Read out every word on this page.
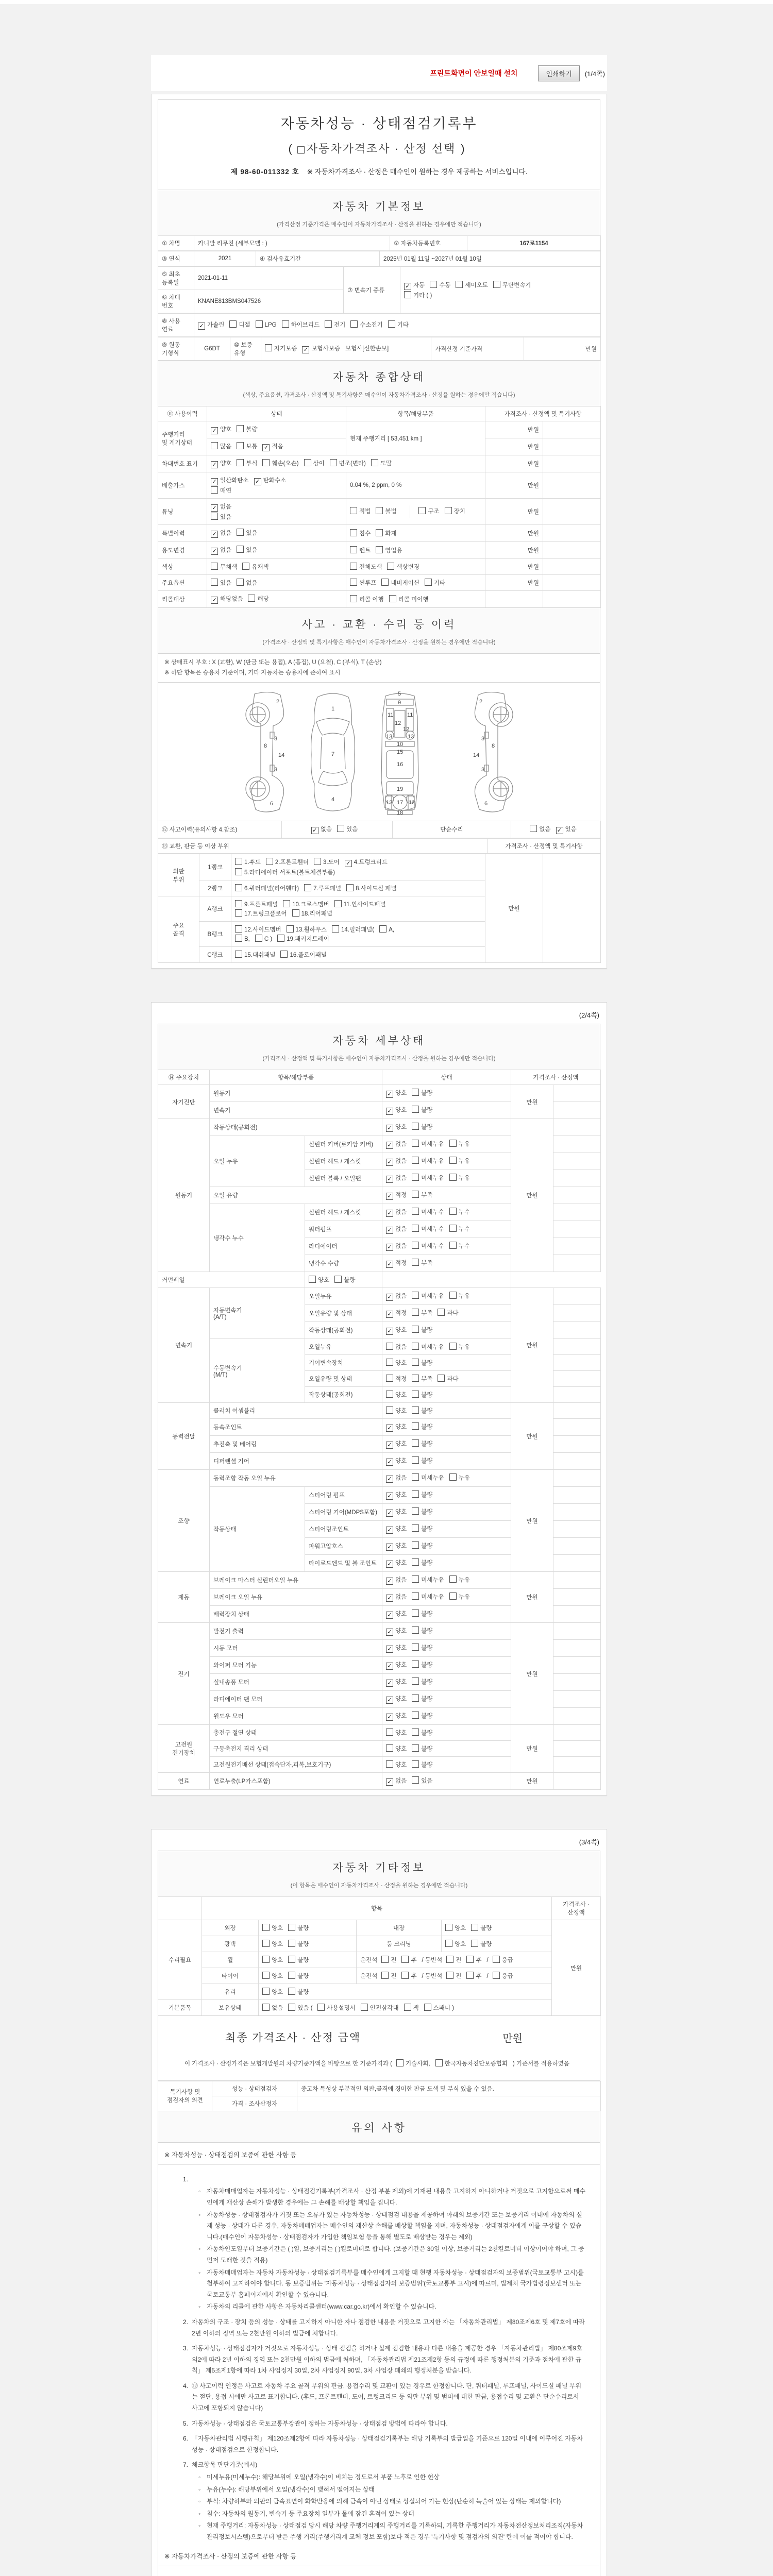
프린트화면이 안보일때 설치	인쇄하기	(1/4쪽)
자동차성능 · 상태점검기록부
( 자동차가격조사 · 산정 선택 )
제 98-60-011332 호 ※ 자동차가격조사 · 산정은 매수인이 원하는 경우 제공하는 서비스입니다.
자동차 기본정보
(가격산정 기준가격은 매수인이 자동차가격조사 · 산정을 원하는 경우에만 적습니다)
① 차명	카니발 리무진 (세부모델 : )	② 자동차등록번호	167로1154
③ 연식	2021	④ 검사유효기간	2025년 01월 11일 ~2027년 01월 10일
⑤ 최초
등록일	2021-01-11	⑦ 변속기 종류	✓ 자동 수동 세미오토 무단변속기
기타 ( )
⑥ 차대
번호	KNANE813BMS047526		
⑧ 사용
연료	✓ 가솔린 디젤 LPG 하이브리드 전기 수소전기 기타
⑨ 원동
기형식	G6DT	⑩ 보증
유형	자기보증 ✓ 보험사보증 보험사[신한손보]	가격산정 기준가격	만원
자동차 종합상태
(색상, 주요옵션, 가격조사 · 산정액 및 특기사항은 매수인이 자동차가격조사 · 산정을 원하는 경우에만 적습니다)
⑪ 사용이력	상태	항목/해당부품	가격조사 · 산정액 및 특기사항	
주행거리
및 계기상태	✓ 양호 불량	현재 주행거리 [ 53,451 km ]	만원	
	많음 보통 ✓ 적음		만원	
차대번호 표기	✓ 양호 부식 훼손(오손) 상이 변조(변타) 도말		만원	
배출가스	✓ 일산화탄소 ✓ 탄화수소
매연	0.04 %, 2 ppm, 0 %	만원	
튜닝	✓ 없음
있음	적법 불법 구조 장치	만원	
특별이력	✓ 없음 있음	침수 화재	만원	
용도변경	✓ 없음 있음	렌트 영업용	만원	
색상	무채색 유채색	전체도색 색상변경	만원	
주요옵션	있음 없음	썬루프 네비게이션 기타	만원	
리콜대상	✓ 해당없음 해당	리콜 이행 리콜 미이행		
사고 · 교환 · 수리 등 이력
(가격조사 · 산정액 및 특기사항은 매수인이 자동차가격조사 · 산정을 원하는 경우에만 적습니다)
※ 상태표시 부호 : X (교환), W (판금 또는 용접), A (흠집), U (요철), C (부식), T (손상)
※ 하단 항목은 승용차 기준이며, 기타 자동차는 승용차에 준하여 표시
2
3
8
14
3
6
1
7
4
5
9
11 11
12
12
13	13
10
15
16
19
12	12
17
18
2
3
8
14
3
6
⑫ 사고이력(유의사항 4.참조)	✓ 없음 있음	단순수리	없음 ✓ 있음
⑬ 교환, 판금 등 이상 부위	가격조사 · 산정액 및 특기사항
외판
부위	1랭크	1.후드 2.프론트휀더 3.도어 ✓ 4.트렁크리드
5.라디에이터 서포트(볼트체결부품)	만원	
	2랭크	6.쿼터패널(리어휀다) 7.루프패널 8.사이드실 패널		
주요
골격	A랭크	9.프론트패널 10.크로스멤버 11.인사이드패널
17.트렁크플로어 18.리어패널		
	B랭크	12.사이드멤버 13.휠하우스 14.필러패널( A,
B, C ) 19.패키지트레이		
	C랭크	15.대쉬패널 16.플로어패널		
(2/4쪽)
자동차 세부상태
(가격조사 · 산정액 및 특기사항은 매수인이 자동차가격조사 · 산정을 원하는 경우에만 적습니다)
⑭ 주요장치	항목/해당부품		상태	가격조사 · 산정액	
자기진단	원동기		✓ 양호 불량	만원	
	변속기		✓ 양호 불량		
원동기	작동상태(공회전)		✓ 양호 불량	만원	
	오일 누유	실린더 커버(로커암 커버)	✓ 없음 미세누유 누유		
		실린더 헤드 / 개스킷	✓ 없음 미세누유 누유		
		실린더 블록 / 오일팬	✓ 없음 미세누유 누유		
	오일 유량		✓ 적정 부족		
	냉각수 누수	실린더 헤드 / 개스킷	✓ 없음 미세누수 누수		
		워터펌프	✓ 없음 미세누수 누수		
		라디에이터	✓ 없음 미세누수 누수		
		냉각수 수량	✓ 적정 부족		
커먼레일		양호 불량			
변속기	자동변속기
(A/T)	오일누유	✓ 없음 미세누유 누유	만원	
		오일유량 및 상태	✓ 적정 부족 과다		
		작동상태(공회전)	✓ 양호 불량		
	수동변속기
(M/T)	오일누유	없음 미세누유 누유		
		기어변속장치	양호 불량		
		오일유량 및 상태	적정 부족 과다		
		작동상태(공회전)	양호 불량		
동력전달	클러치 어셈블리		양호 불량	만원	
	등속조인트		✓ 양호 불량		
	추진축 및 베어링		✓ 양호 불량		
	디퍼렌셜 기어		✓ 양호 불량		
조향	동력조향 작동 오일 누유		✓ 없음 미세누유 누유	만원	
	작동상태	스티어링 펌프	✓ 양호 불량		
		스티어링 기어(MDPS포함)	✓ 양호 불량		
		스티어링조인트	✓ 양호 불량		
		파워고압호스	✓ 양호 불량		
		타이로드엔드 및 볼 조인트	✓ 양호 불량		
제동	브레이크 마스터 실린더오일 누유		✓ 없음 미세누유 누유	만원	
	브레이크 오일 누유		✓ 없음 미세누유 누유		
	배력장치 상태		✓ 양호 불량		
전기	발전기 출력		✓ 양호 불량	만원	
	시동 모터		✓ 양호 불량		
	와이퍼 모터 기능		✓ 양호 불량		
	실내송풍 모터		✓ 양호 불량		
	라디에이터 팬 모터		✓ 양호 불량		
	윈도우 모터		✓ 양호 불량		
고전원
전기장치	충전구 절연 상태		양호 불량	만원	
	구동축전지 격리 상태		양호 불량		
	고전원전기배선 상태(접속단자,피복,보호기구)		양호 불량		
연료	연료누출(LP가스포함)		✓ 없음 있음	만원	
(3/4쪽)
자동차 기타정보
(이 항목은 매수인이 자동차가격조사 · 산정을 원하는 경우에만 적습니다)
	항목				가격조사 · 산정액
수리필요	외장	양호 불량	내장	양호 불량	만원
	광택	양호 불량	룸 크리닝	양호 불량	
	휠	양호 불량	운전석 전 후 / 동반석 전 후 / 응급		
	타이어	양호 불량	운전석 전 후 / 동반석 전 후 / 응급		
	유리	양호 불량			
기본품목	보유상태	없음 있음 ( 사용설명서 안전삼각대 잭 스패너 )			
최종 가격조사 · 산정 금액	만원
이 가격조사 · 산정가격은 보험개발원의 차량기준가액을 바탕으로 한 기준가격과 ( 기술사회, 한국자동차진단보증협회 ) 기준서를 적용하였음
특기사항 및
점검자의 의견	성능 · 상태점검자	중고차 특성상 부분적인 외판,골격에 경미한 판금 도색 및 부식 있을 수 있음.
	가격 · 조사산정자	
유의 사항
※ 자동차성능 · 상태점검의 보증에 관한 사항 등
1.
◦ 자동차매매업자는 자동차성능 · 상태점검기록부(가격조사 · 산정 부분 제외)에 기재된 내용을 고지하지 아니하거나 거짓으로 고지함으로써 매수인에게 재산상 손해가 발생한 경우에는 그 손해를 배상할 책임을 집니다.
◦ 자동차성능 · 상태점검자가 거짓 또는 오류가 있는 자동차성능 · 상태점검 내용을 제공하여 아래의 보증기간 또는 보증거리 이내에 자동차의 실제 성능 · 상태가 다른 경우, 자동차매매업자는 매수인의 재산상 손해를 배상할 책임을 지며, 자동차성능 · 상태점검자에게 이를 구상할 수 있습니다.(매수인이 자동차성능 · 상태점검자가 가입한 책임보험 등을 통해 별도로 배상받는 경우는 제외)
◦ 자동차인도일부터 보증기간은 ( )일, 보증거리는 ( )킬로미터로 합니다. (보증기간은 30일 이상, 보증거리는 2천킬로미터 이상이어야 하며, 그 중 먼저 도래한 것을 적용)
◦ 자동차매매업자는 자동차 자동차성능 · 상태점검기록부를 매수인에게 고지할 때 현행 자동차성능 · 상태점검자의 보증범위(국토교통부 고시)를 첨부하여 고지하여야 합니다. 동 보증범위는 '자동차성능 · 상태점검자의 보증범위'(국토교통부 고시)에 따르며, 법제처 국가법령정보센터 또는 국토교통부 홈페이지에서 확인할 수 있습니다.
◦ 자동차의 리콜에 관한 사항은 자동차리콜센터(www.car.go.kr)에서 확인할 수 있습니다.
2. 자동차의 구조 · 장치 등의 성능 · 상태를 고지하지 아니한 자나 점검한 내용을 거짓으로 고지한 자는 「자동차관리법」 제80조제6호 및 제7호에 따라 2년 이하의 징역 또는 2천만원 이하의 벌금에 처합니다.
3. 자동차성능 · 상태점검자가 거짓으로 자동차성능 · 상태 점검을 하거나 실제 점검한 내용과 다른 내용을 제공한 경우 「자동차관리법」 제80조제9호의2에 따라 2년 이하의 징역 또는 2천만원 이하의 벌금에 처하며, 「자동차관리법 제21조제2항 등의 규정에 따른 행정처분의 기준과 절차에 관한 규칙」 제5조제1항에 따라 1차 사업정지 30일, 2차 사업정지 90일, 3차 사업장 폐쇄의 행정처분을 받습니다.
4. ⑫ 사고이력 인정은 사고로 자동차 주요 골격 부위의 판금, 용접수리 및 교환이 있는 경우로 한정합니다. 단, 쿼터패널, 루프패널, 사이드실 패널 부위는 절단, 용접 시에만 사고로 표기합니다. (후드, 프론트펜더, 도어, 트렁크리드 등 외판 부위 및 범퍼에 대한 판금, 용접수리 및 교환은 단순수리로서 사고에 포함되지 않습니다)
5. 자동차성능 · 상태점검은 국토교통부장관이 정하는 자동차성능 · 상태점검 방법에 따라야 합니다.
6. 「자동차관리법 시행규칙」 제120조제2항에 따라 자동차성능 · 상태점검기록부는 해당 기록부의 발급일을 기준으로 120일 이내에 이루어진 자동차 성능 · 상태점검으로 한정합니다.
7. 체크항목 판단기준(예시)
◦ 미세누유(미세누수): 해당부위에 오일(냉각수)이 비치는 정도로서 부품 노후로 인한 현상
◦ 누유(누수): 해당부위에서 오일(냉각수)이 맺혀서 떨어지는 상태
◦ 부식: 차량하부와 외판의 금속표면이 화학반응에 의해 금속이 아닌 상태로 상실되어 가는 현상(단순히 녹슬어 있는 상태는 제외합니다)
◦ 침수: 자동차의 원동기, 변속기 등 주요장치 일부가 물에 잠긴 흔적이 있는 상태
◦ 현재 주행거리: 자동차성능 · 상태점검 당시 해당 차량 주행거리계의 주행거리를 기록하되, 기록한 주행거리가 자동차전산정보처리조직(자동차관리정보시스템)으로부터 받은 주행 거리(주행거리계 교체 정보 포함)보다 적은 경우 '특기사항 및 점검자의 의견' 란에 이를 적어야 합니다.
※ 자동차가격조사 · 산정의 보증에 관한 사항 등
